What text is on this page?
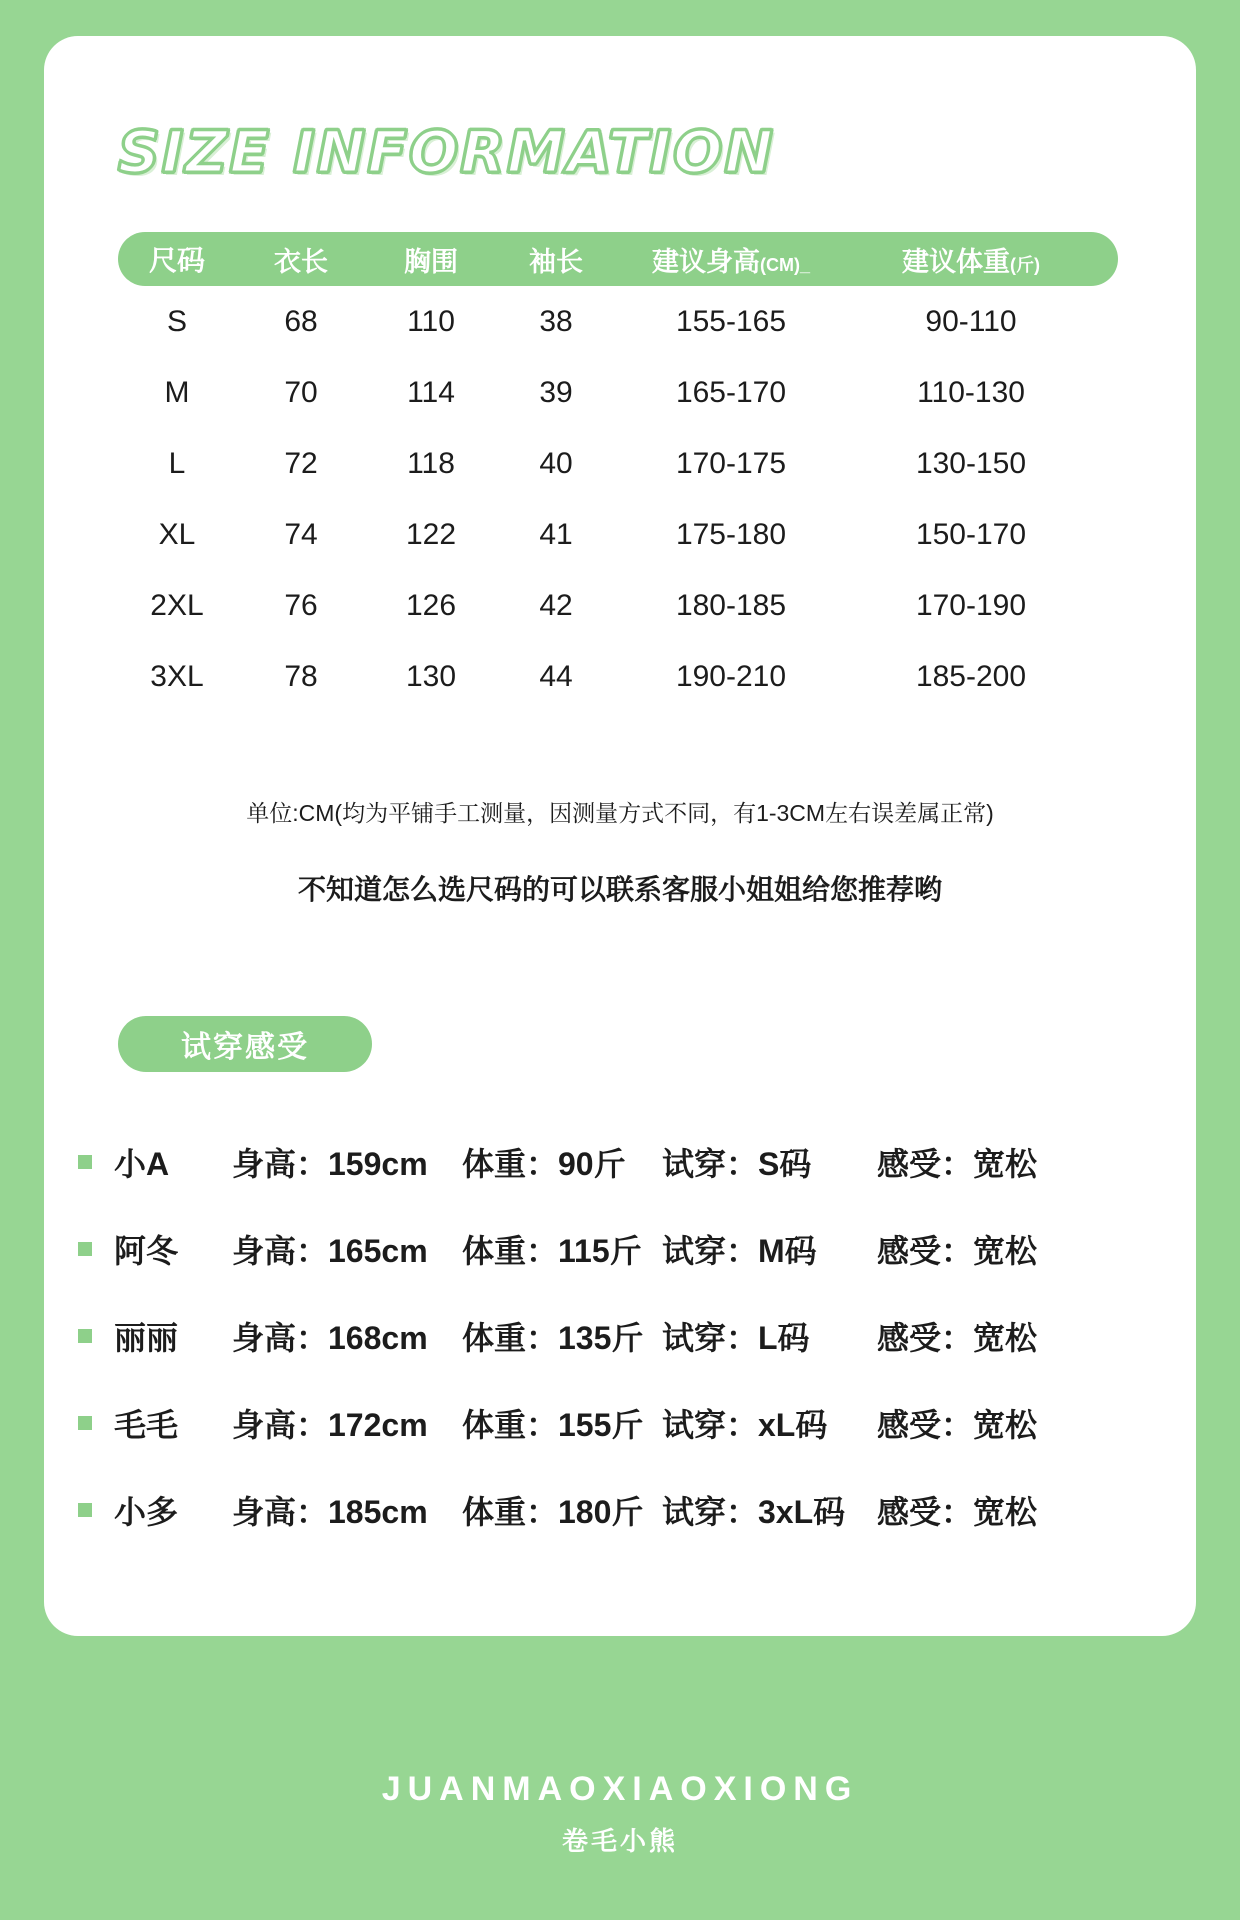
SIZE INFORMATION
尺码	衣长	胸围	袖长	建议身高(CM)_	建议体重(斤)
S	68	110	38	155-165	90-110
M	70	114	39	165-170	110-130
L	72	118	40	170-175	130-150
XL	74	122	41	175-180	150-170
2XL	76	126	42	180-185	170-190
3XL	78	130	44	190-210	185-200
单位:CM(均为平铺手工测量，因测量方式不同，有1-3CM左右误差属正常)
不知道怎么选尺码的可以联系客服小姐姐给您推荐哟
试穿感受
小A	身高：159cm	体重：90斤	试穿：S码	感受：宽松
阿冬	身高：165cm	体重：115斤 试穿：M码	感受：宽松
丽丽	身高：168cm	体重：135斤 试穿：L码	感受：宽松
毛毛	身高：172cm	体重：155斤 试穿：xL码	感受：宽松
小多	身高：185cm	体重：180斤 试穿：3xL码 感受：宽松
JUANMAOXIAOXIONG
卷毛小熊
